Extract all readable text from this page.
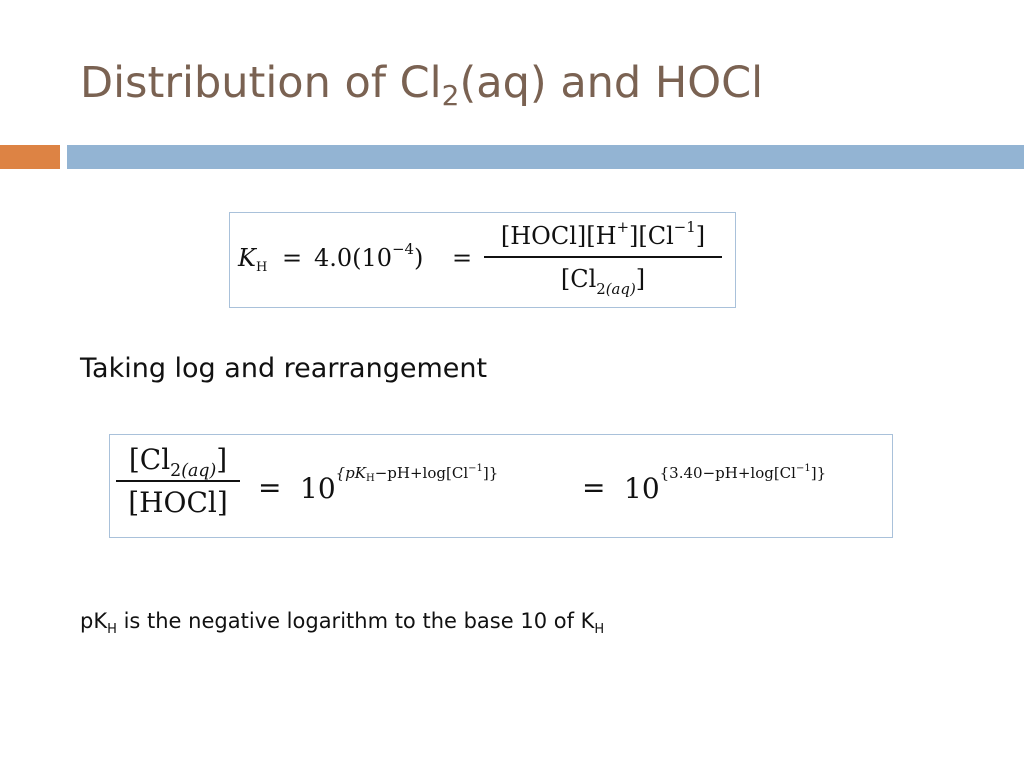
Distribution of $Cl_2(aq)$ and HOCl
$K_H = 4.0(10^{-4})$ =
$[HOCl][H^+][Cl^{-1}]$
$[Cl_{2(aq)}]$

Taking log and rearrangement

$[Cl_{2(aq)}]$
[HOCl]	= $10^{\{pK_H-pH+log[Cl^{-1}]\}}$	= $10^{\{3.40-pH+log[Cl^{-1}]\}}$

$pK_H$ is the negative logarithm to the base 10 of $K_H$
